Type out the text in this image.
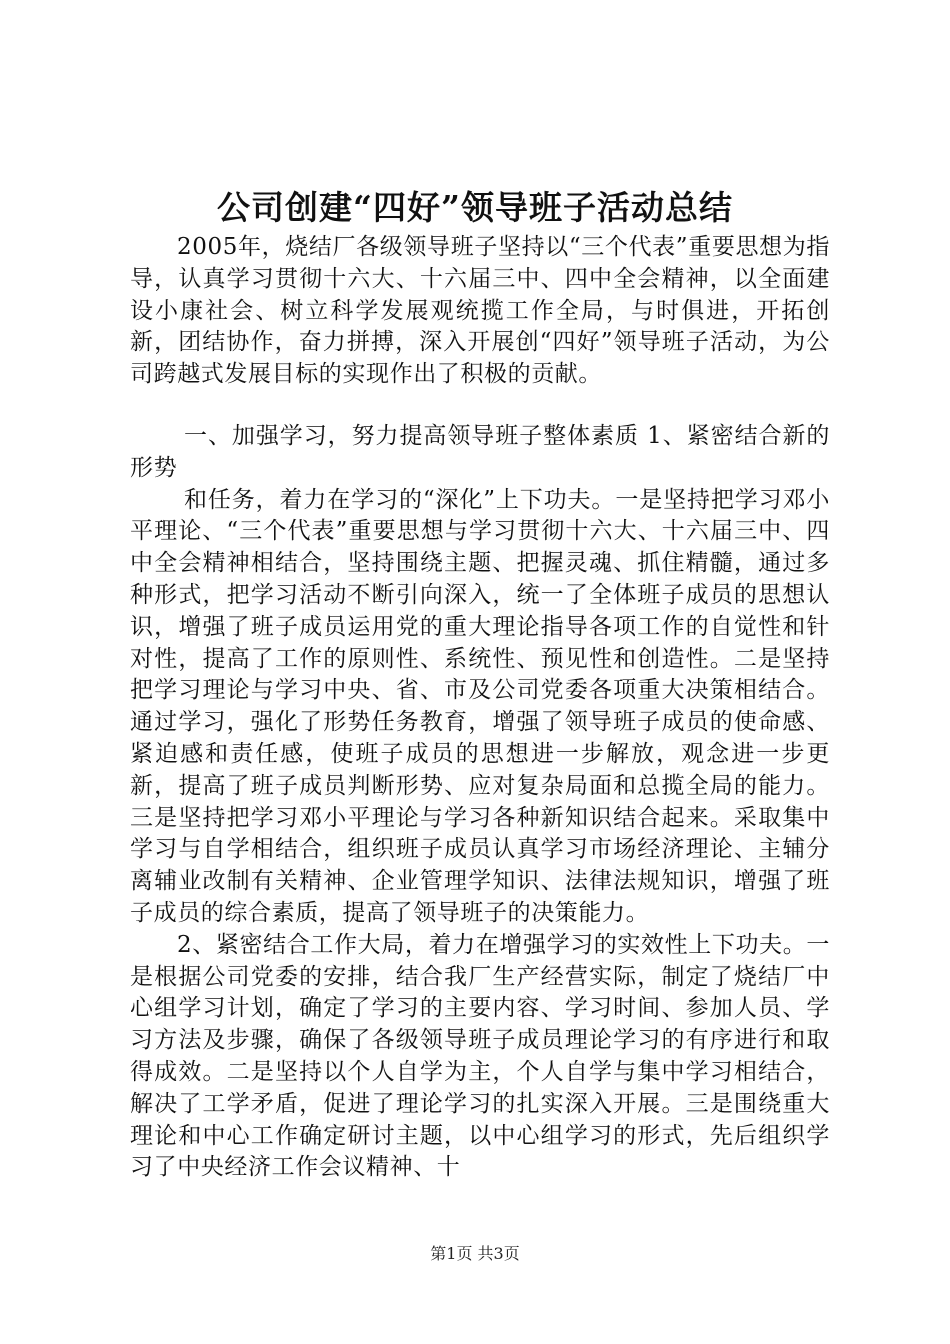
公司创建“四好”领导班子活动总结

2005年，烧结厂各级领导班子坚持以“三个代表”重要思想为指导，认真学习贯彻十六大、十六届三中、四中全会精神，以全面建设小康社会、树立科学发展观统揽工作全局，与时俱进，开拓创新，团结协作，奋力拼搏，深入开展创“四好”领导班子活动，为公司跨越式发展目标的实现作出了积极的贡献。

一、加强学习，努力提高领导班子整体素质 1、紧密结合新的形势

和任务，着力在学习的“深化”上下功夫。一是坚持把学习邓小平理论、“三个代表”重要思想与学习贯彻十六大、十六届三中、四中全会精神相结合，坚持围绕主题、把握灵魂、抓住精髓，通过多种形式，把学习活动不断引向深入，统一了全体班子成员的思想认识，增强了班子成员运用党的重大理论指导各项工作的自觉性和针对性，提高了工作的原则性、系统性、预见性和创造性。二是坚持把学习理论与学习中央、省、市及公司党委各项重大决策相结合。通过学习，强化了形势任务教育，增强了领导班子成员的使命感、紧迫感和责任感，使班子成员的思想进一步解放，观念进一步更新，提高了班子成员判断形势、应对复杂局面和总揽全局的能力。三是坚持把学习邓小平理论与学习各种新知识结合起来。采取集中学习与自学相结合，组织班子成员认真学习市场经济理论、主辅分离辅业改制有关精神、企业管理学知识、法律法规知识，增强了班子成员的综合素质，提高了领导班子的决策能力。

2、紧密结合工作大局，着力在增强学习的实效性上下功夫。一是根据公司党委的安排，结合我厂生产经营实际，制定了烧结厂中心组学习计划，确定了学习的主要内容、学习时间、参加人员、学习方法及步骤，确保了各级领导班子成员理论学习的有序进行和取得成效。二是坚持以个人自学为主，个人自学与集中学习相结合，解决了工学矛盾，促进了理论学习的扎实深入开展。三是围绕重大理论和中心工作确定研讨主题，以中心组学习的形式，先后组织学习了中央经济工作会议精神、十

第1页 共3页
